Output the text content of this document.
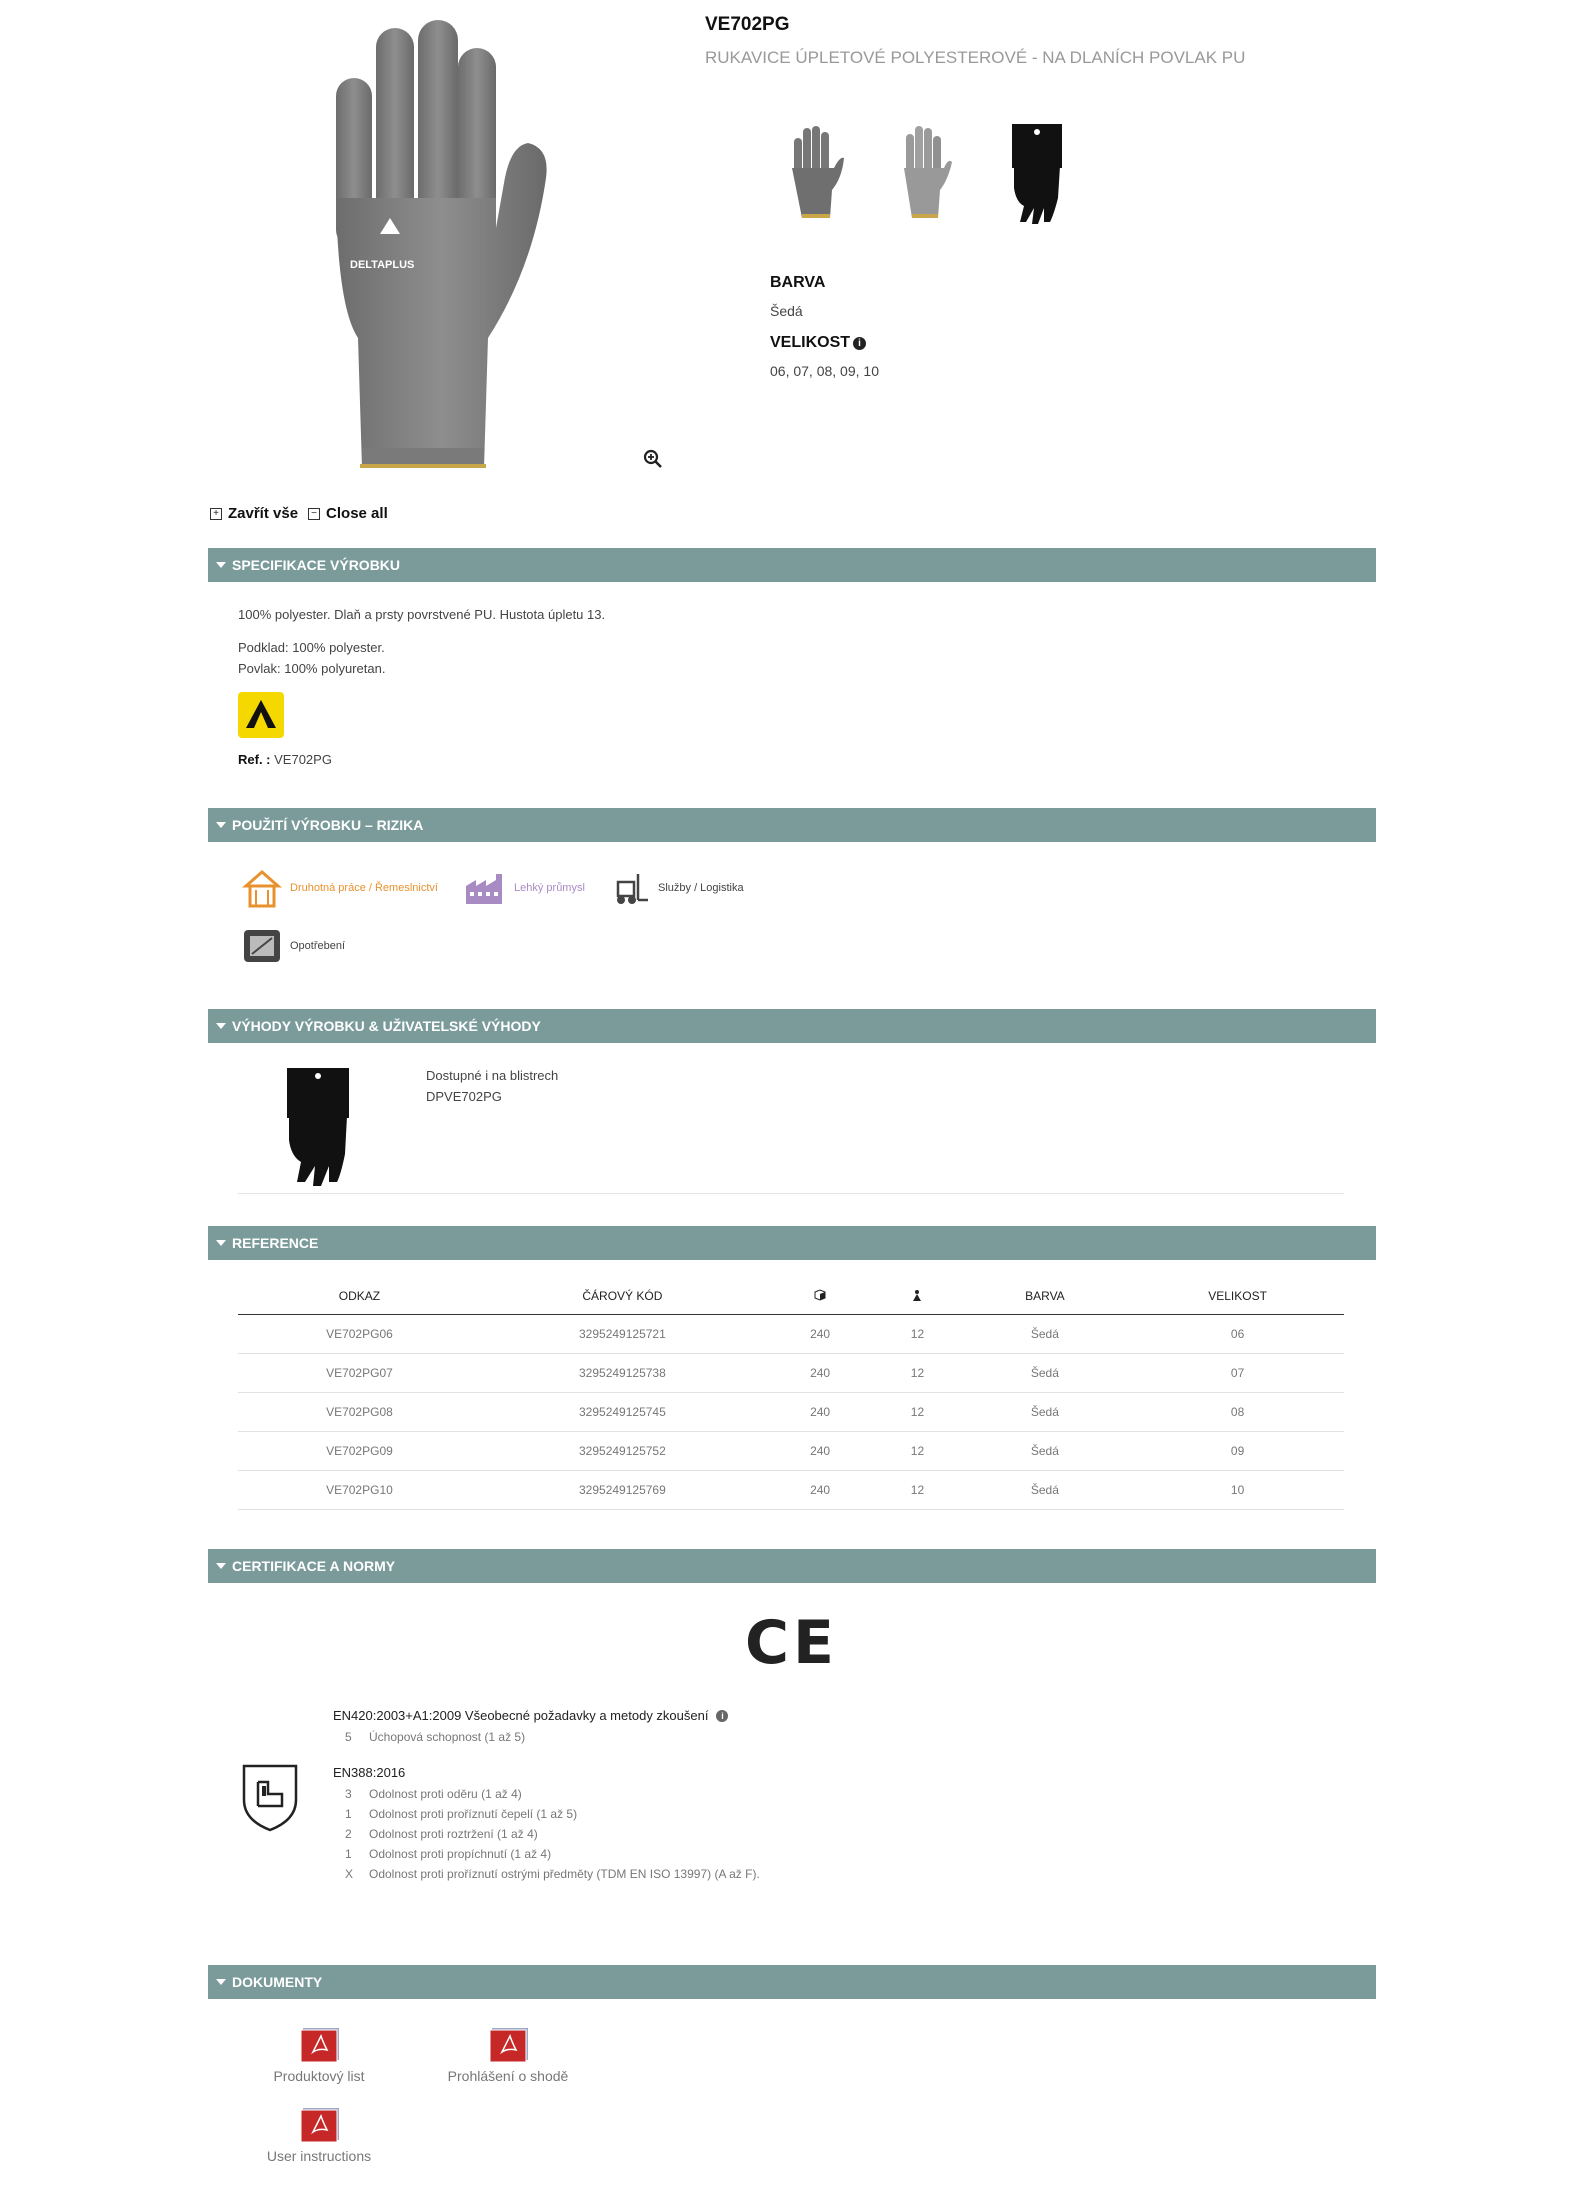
DELTAPLUS
VE702PG
RUKAVICE ÚPLETOVÉ POLYESTEROVÉ - NA DLANÍCH POVLAK PU
BARVA
Šedá
VELIKOST i
06, 07, 08, 09, 10
+ Zavřít vše	− Close all
SPECIFIKACE VÝROBKU
100% polyester. Dlaň a prsty povrstvené PU. Hustota úpletu 13.
Podklad: 100% polyester.
Povlak: 100% polyuretan.
Ref. : VE702PG
POUŽITÍ VÝROBKU – RIZIKA
Druhotná práce / Řemeslnictví	Lehký průmysl	Služby / Logistika
Opotřebení
VÝHODY VÝROBKU & UŽIVATELSKÉ VÝHODY
Dostupné i na blistrech
DPVE702PG
REFERENCE
ODKAZ	ČÁROVÝ KÓD			BARVA	VELIKOST
VE702PG06	3295249125721	240	12	Šedá	06
VE702PG07	3295249125738	240	12	Šedá	07
VE702PG08	3295249125745	240	12	Šedá	08
VE702PG09	3295249125752	240	12	Šedá	09
VE702PG10	3295249125769	240	12	Šedá	10
CERTIFIKACE A NORMY
CE
EN420:2003+A1:2009 Všeobecné požadavky a metody zkoušení	i
5 Úchopová schopnost (1 až 5)
EN388:2016
3 Odolnost proti oděru (1 až 4)
1 Odolnost proti proříznutí čepelí (1 až 5)
2 Odolnost proti roztržení (1 až 4)
1 Odolnost proti propíchnutí (1 až 4)
X Odolnost proti proříznutí ostrými předměty (TDM EN ISO 13997) (A až F).
DOKUMENTY
Produktový list	Prohlášení o shodě
User instructions
